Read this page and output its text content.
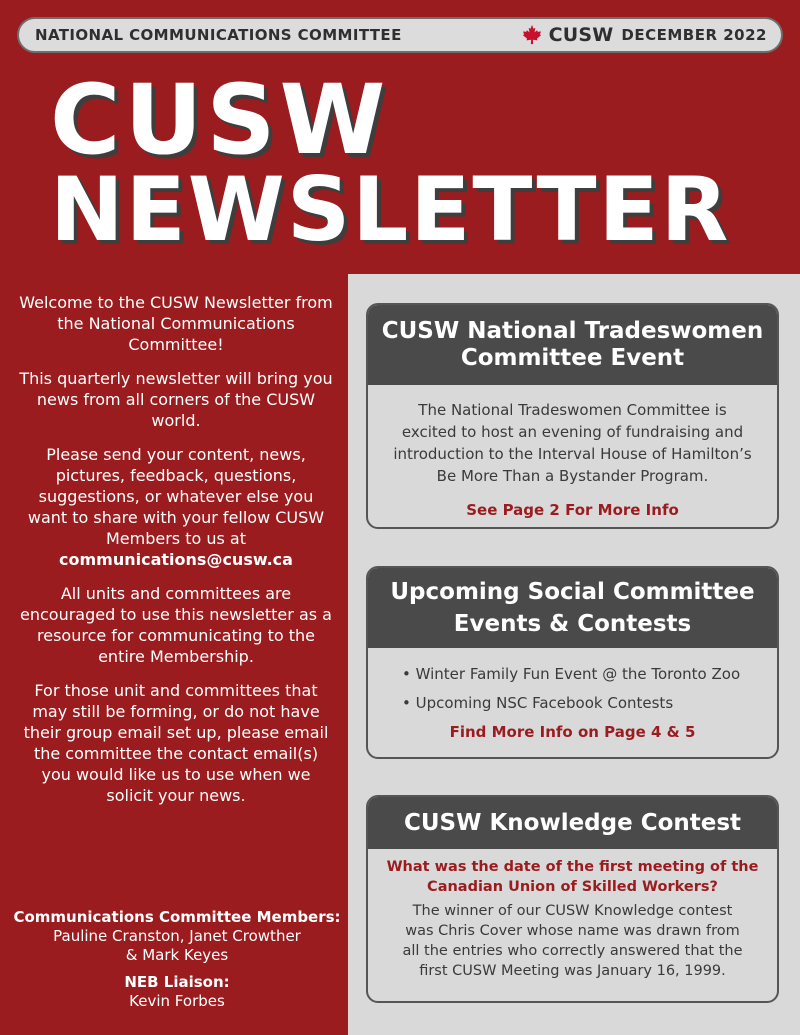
NATIONAL COMMUNICATIONS COMMITTEE	CUSW DECEMBER 2022
CUSW
NEWSLETTER

Welcome to the CUSW Newsletter from the National Communications Committee!

This quarterly newsletter will bring you news from all corners of the CUSW world.

Please send your content, news, pictures, feedback, questions, suggestions, or whatever else you want to share with your fellow CUSW Members to us at
communications@cusw.ca

All units and committees are encouraged to use this newsletter as a resource for communicating to the entire Membership.

For those unit and committees that may still be forming, or do not have their group email set up, please email the committee the contact email(s) you would like us to use when we solicit your news.

Communications Committee Members:
Pauline Cranston, Janet Crowther
& Mark Keyes
NEB Liaison:
Kevin Forbes
CUSW National Tradeswomen
Committee Event
The National Tradeswomen Committee is
excited to host an evening of fundraising and
introduction to the Interval House of Hamilton’s
Be More Than a Bystander Program.
See Page 2 For More Info
Upcoming Social Committee
Events & Contests
• Winter Family Fun Event @ the Toronto Zoo
• Upcoming NSC Facebook Contests
Find More Info on Page 4 & 5
CUSW Knowledge Contest
What was the date of the first meeting of the
Canadian Union of Skilled Workers?
The winner of our CUSW Knowledge contest
was Chris Cover whose name was drawn from
all the entries who correctly answered that the
first CUSW Meeting was January 16, 1999.
